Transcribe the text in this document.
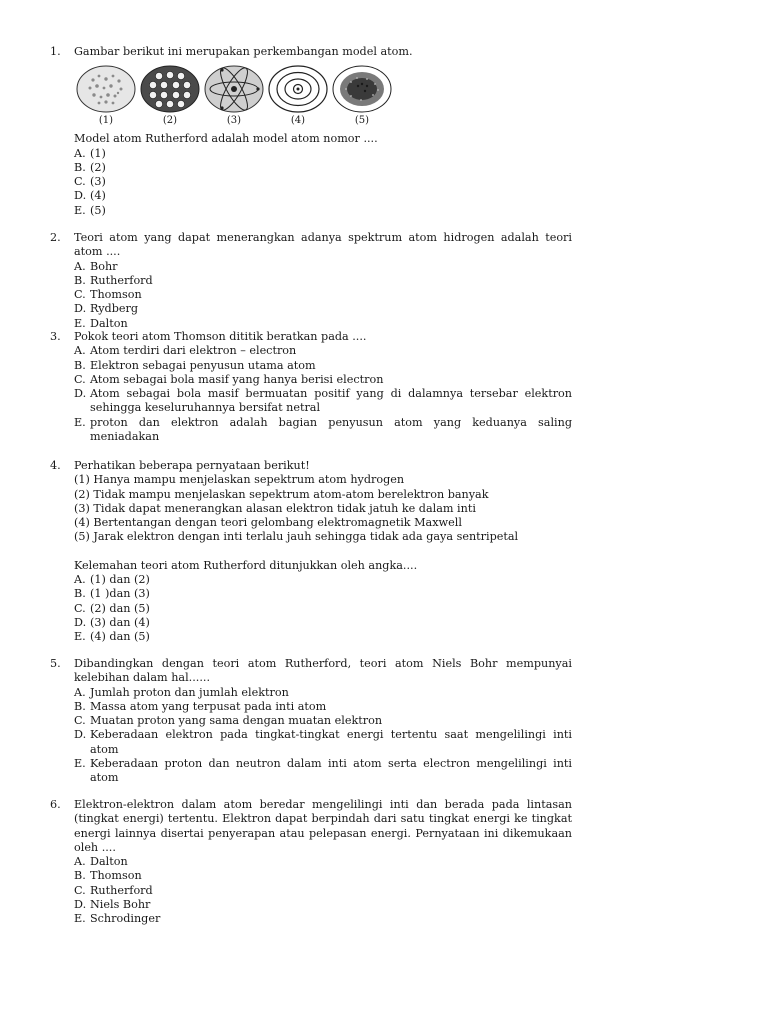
1.	Gambar berikut ini merupakan perkembangan model atom.
(1)	(2)	(3)	(4)	(5)
Model atom Rutherford adalah model atom nomor ....
A. (1)
B. (2)
C. (3)
D. (4)
E. (5)
2.	Teori atom yang dapat menerangkan adanya spektrum atom hidrogen adalah teori atom ....
A. Bohr
B. Rutherford
C. Thomson
D. Rydberg
E. Dalton
3.	Pokok teori atom Thomson dititik beratkan pada ....
A. Atom terdiri dari elektron – electron
B. Elektron sebagai penyusun utama atom
C. Atom sebagai bola masif yang hanya berisi electron
D. Atom sebagai bola masif bermuatan positif yang di dalamnya tersebar elektron sehingga keseluruhannya bersifat netral
E. proton dan elektron adalah bagian penyusun atom yang keduanya saling meniadakan
4.	Perhatikan beberapa pernyataan berikut!
(1) Hanya mampu menjelaskan sepektrum atom hydrogen
(2) Tidak mampu menjelaskan sepektrum atom-atom berelektron banyak
(3) Tidak dapat menerangkan alasan elektron tidak jatuh ke dalam inti
(4) Bertentangan dengan teori gelombang elektromagnetik Maxwell
(5) Jarak elektron dengan inti terlalu jauh sehingga tidak ada gaya sentripetal
Kelemahan teori atom Rutherford ditunjukkan oleh angka....
A. (1) dan (2)
B. (1 )dan (3)
C. (2) dan (5)
D. (3) dan (4)
E. (4) dan (5)
5.	Dibandingkan dengan teori atom Rutherford, teori atom Niels Bohr mempunyai kelebihan dalam hal......
A. Jumlah proton dan jumlah elektron
B. Massa atom yang terpusat pada inti atom
C. Muatan proton yang sama dengan muatan elektron
D. Keberadaan elektron pada tingkat-tingkat energi tertentu saat mengelilingi inti atom
E. Keberadaan proton dan neutron dalam inti atom serta electron mengelilingi inti atom
6.	Elektron-elektron dalam atom beredar mengelilingi inti dan berada pada lintasan (tingkat energi) tertentu. Elektron dapat berpindah dari satu tingkat energi ke tingkat energi lainnya disertai penyerapan atau pelepasan energi. Pernyataan ini dikemukaan oleh ....
A. Dalton
B. Thomson
C. Rutherford
D. Niels Bohr
E. Schrodinger
